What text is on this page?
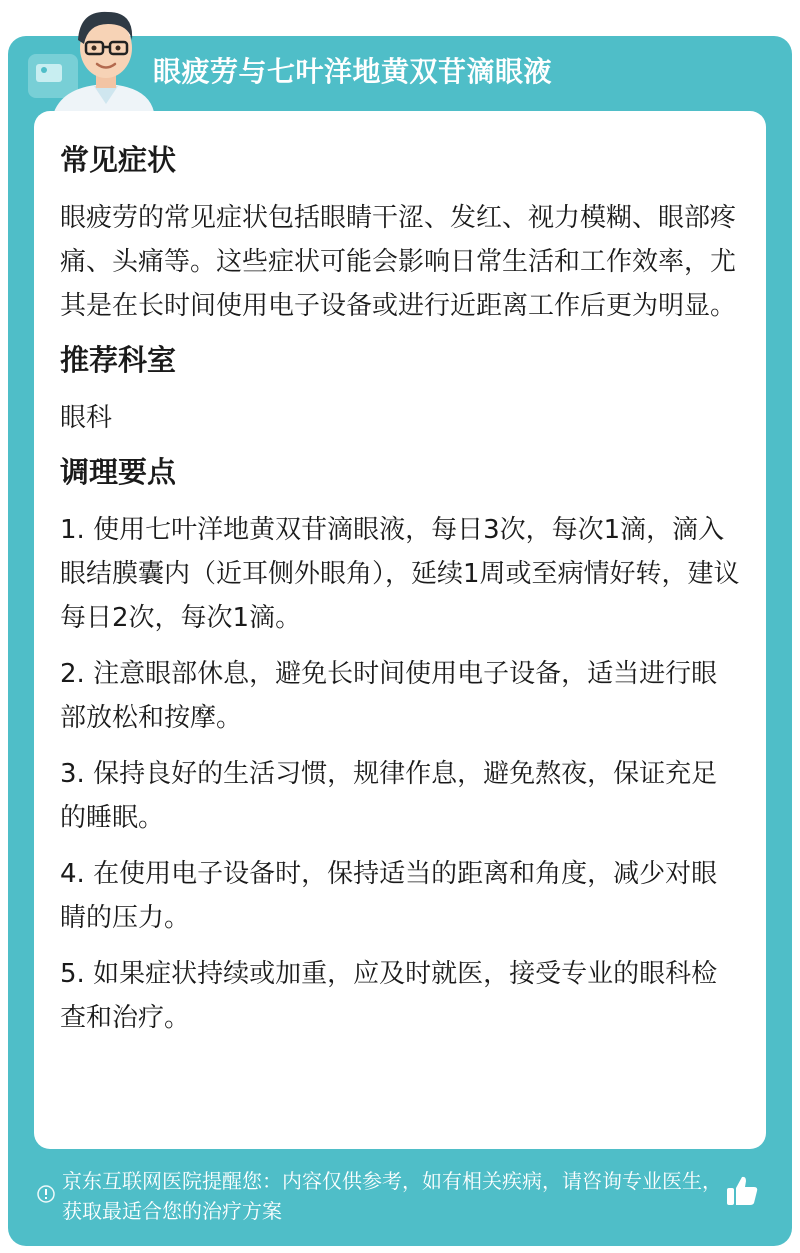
眼疲劳与七叶洋地黄双苷滴眼液
常见症状
眼疲劳的常见症状包括眼睛干涩、发红、视力模糊、眼部疼痛、头痛等。这些症状可能会影响日常生活和工作效率，尤其是在长时间使用电子设备或进行近距离工作后更为明显。
推荐科室
眼科
调理要点
1. 使用七叶洋地黄双苷滴眼液，每日3次，每次1滴，滴入眼结膜囊内（近耳侧外眼角），延续1周或至病情好转，建议每日2次，每次1滴。
2. 注意眼部休息，避免长时间使用电子设备，适当进行眼部放松和按摩。
3. 保持良好的生活习惯，规律作息，避免熬夜，保证充足的睡眠。
4. 在使用电子设备时，保持适当的距离和角度，减少对眼睛的压力。
5. 如果症状持续或加重，应及时就医，接受专业的眼科检查和治疗。
京东互联网医院提醒您：内容仅供参考，如有相关疾病，请咨询专业医生，获取最适合您的治疗方案
